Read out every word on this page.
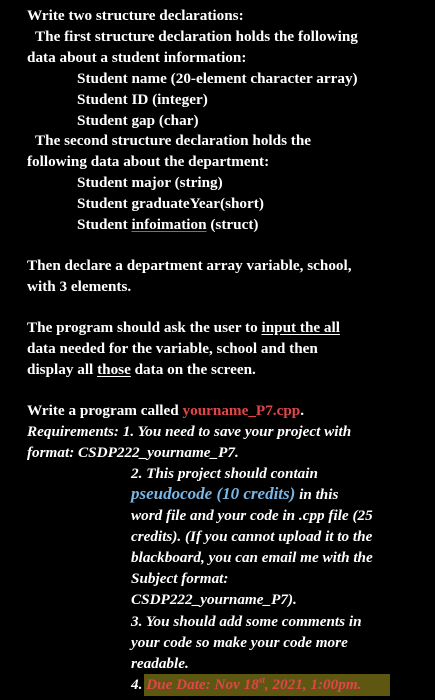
Write two structure declarations:
The first structure declaration holds the following
data about a student information:
Student name (20-element character array)
Student ID (integer)
Student gap (char)
The second structure declaration holds the
following data about the department:
Student major (string)
Student graduateYear(short)
Student infoimation (struct)
Then declare a department array variable, school,
with 3 elements.
The program should ask the user to input the all
data needed for the variable, school and then
display all those data on the screen.
Write a program called yourname_P7.cpp.
Requirements: 1. You need to save your project with
format: CSDP222_yourname_P7.
2. This project should contain
pseudocode (10 credits) in this
word file and your code in .cpp file (25
credits). (If you cannot upload it to the
blackboard, you can email me with the
Subject format:
CSDP222_yourname_P7).
3. You should add some comments in
your code so make your code more
readable.
4. Due Date: Nov 18st, 2021, 1:00pm.
